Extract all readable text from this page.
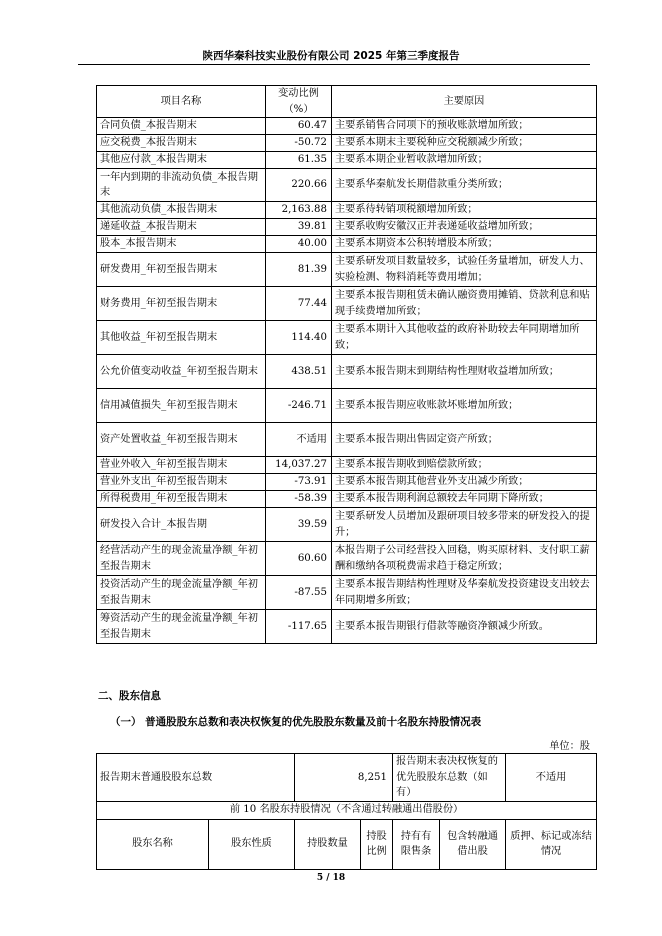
陕西华秦科技实业股份有限公司 2025 年第三季度报告
项目名称	变动比例（%）	主要原因
合同负债_本报告期末	60.47	主要系销售合同项下的预收账款增加所致；
应交税费_本报告期末	-50.72	主要系本期末主要税种应交税额减少所致；
其他应付款_本报告期末	61.35	主要系本期企业暂收款增加所致；
一年内到期的非流动负债_本报告期末	220.66	主要系华秦航发长期借款重分类所致；
其他流动负债_本报告期末	2,163.88	主要系待转销项税额增加所致；
递延收益_本报告期末	39.81	主要系收购安徽汉正并表递延收益增加所致；
股本_本报告期末	40.00	主要系本期资本公积转增股本所致；
研发费用_年初至报告期末	81.39	主要系研发项目数量较多，试验任务量增加，研发人力、实验检测、物料消耗等费用增加；
财务费用_年初至报告期末	77.44	主要系本报告期租赁未确认融资费用摊销、贷款利息和贴现手续费增加所致；
其他收益_年初至报告期末	114.40	主要系本期计入其他收益的政府补助较去年同期增加所致；
公允价值变动收益_年初至报告期末	438.51	主要系本报告期末到期结构性理财收益增加所致；
信用减值损失_年初至报告期末	-246.71	主要系本报告期应收账款坏账增加所致；
资产处置收益_年初至报告期末	不适用	主要系本报告期出售固定资产所致；
营业外收入_年初至报告期末	14,037.27	主要系本报告期收到赔偿款所致；
营业外支出_年初至报告期末	-73.91	主要系本报告期其他营业外支出减少所致；
所得税费用_年初至报告期末	-58.39	主要系本报告期利润总额较去年同期下降所致；
研发投入合计_本报告期	39.59	主要系研发人员增加及跟研项目较多带来的研发投入的提升；
经营活动产生的现金流量净额_年初至报告期末	60.60	本报告期子公司经营投入回稳，购买原材料、支付职工薪酬和缴纳各项税费需求趋于稳定所致；
投资活动产生的现金流量净额_年初至报告期末	-87.55	主要系本报告期结构性理财及华秦航发投资建设支出较去年同期增多所致；
筹资活动产生的现金流量净额_年初至报告期末	-117.65	主要系本报告期银行借款等融资净额减少所致。
二、股东信息
（一） 普通股股东总数和表决权恢复的优先股股东数量及前十名股东持股情况表
单位：股
报告期末普通股股东总数		8,251		报告期末表决权恢复的优先股股东总数（如有）		不适用
前 10 名股东持股情况（不含通过转融通出借股份）						
股东名称	股东性质	持股数量	持股比例	持有有限售条	包含转融通借出股	质押、标记或冻结情况
5 / 18
